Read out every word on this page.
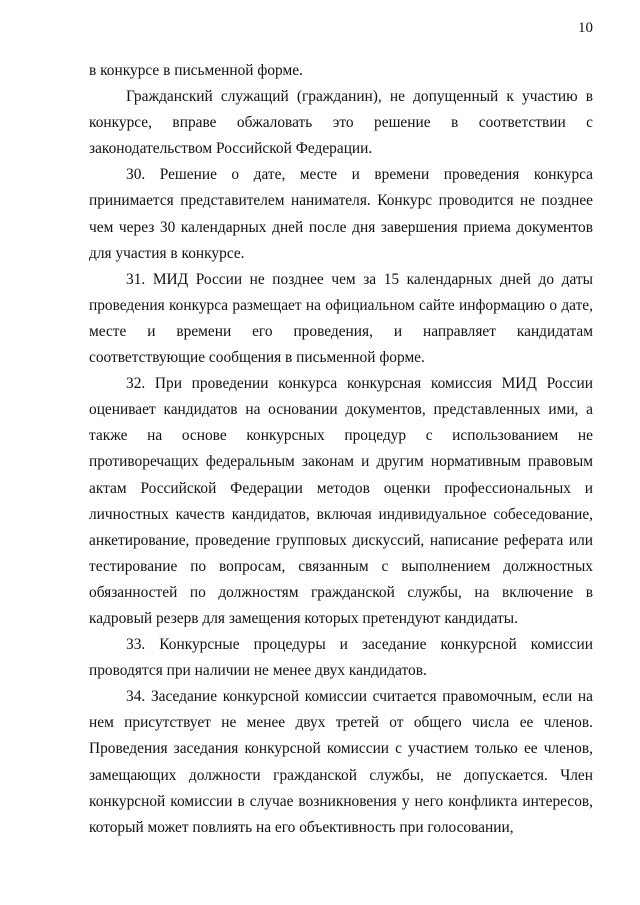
10

в конкурсе в письменной форме.

Гражданский служащий (гражданин), не допущенный к участию в конкурсе, вправе обжаловать это решение в соответствии с законодательством Российской Федерации.

30. Решение о дате, месте и времени проведения конкурса принимается представителем нанимателя. Конкурс проводится не позднее чем через 30 календарных дней после дня завершения приема документов для участия в конкурсе.

31. МИД России не позднее чем за 15 календарных дней до даты проведения конкурса размещает на официальном сайте информацию о дате, месте и времени его проведения, и направляет кандидатам соответствующие сообщения в письменной форме.

32. При проведении конкурса конкурсная комиссия МИД России оценивает кандидатов на основании документов, представленных ими, а также на основе конкурсных процедур с использованием не противоречащих федеральным законам и другим нормативным правовым актам Российской Федерации методов оценки профессиональных и личностных качеств кандидатов, включая индивидуальное собеседование, анкетирование, проведение групповых дискуссий, написание реферата или тестирование по вопросам, связанным с выполнением должностных обязанностей по должностям гражданской службы, на включение в кадровый резерв для замещения которых претендуют кандидаты.

33. Конкурсные процедуры и заседание конкурсной комиссии проводятся при наличии не менее двух кандидатов.

34. Заседание конкурсной комиссии считается правомочным, если на нем присутствует не менее двух третей от общего числа ее членов. Проведения заседания конкурсной комиссии с участием только ее членов, замещающих должности гражданской службы, не допускается. Член конкурсной комиссии в случае возникновения у него конфликта интересов, который может повлиять на его объективность при голосовании,
